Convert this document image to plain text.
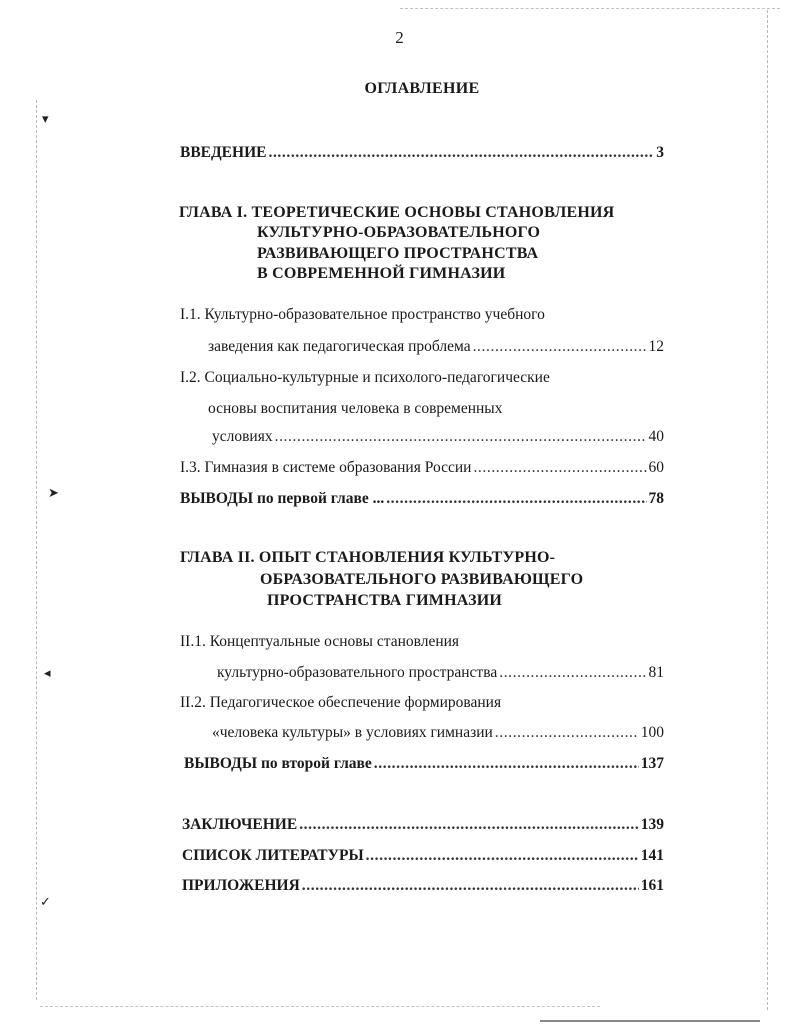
▾
➤
◂
✓
2
ОГЛАВЛЕНИЕ
ВВЕДЕНИЕ .....	3
ГЛАВА I. ТЕОРЕТИЧЕСКИЕ ОСНОВЫ СТАНОВЛЕНИЯ
КУЛЬТУРНО-ОБРАЗОВАТЕЛЬНОГО
РАЗВИВАЮЩЕГО ПРОСТРАНСТВА
В СОВРЕМЕННОЙ ГИМНАЗИИ
I.1. Культурно-образовательное пространство учебного
заведения как педагогическая проблема .....	12
I.2. Социально-культурные и психолого-педагогические
основы воспитания человека в современных
условиях .....	40
I.3. Гимназия в системе образования России .....	60
ВЫВОДЫ по первой главе ... .....	78
ГЛАВА II. ОПЫТ СТАНОВЛЕНИЯ КУЛЬТУРНО-
ОБРАЗОВАТЕЛЬНОГО РАЗВИВАЮЩЕГО
ПРОСТРАНСТВА ГИМНАЗИИ
II.1. Концептуальные основы становления
культурно-образовательного пространства .....	81
II.2. Педагогическое обеспечение формирования
«человека культуры» в условиях гимназии .....	100
ВЫВОДЫ по второй главе .....	137
ЗАКЛЮЧЕНИЕ .....	139
СПИСОК ЛИТЕРАТУРЫ .....	141
ПРИЛОЖЕНИЯ .....	161
